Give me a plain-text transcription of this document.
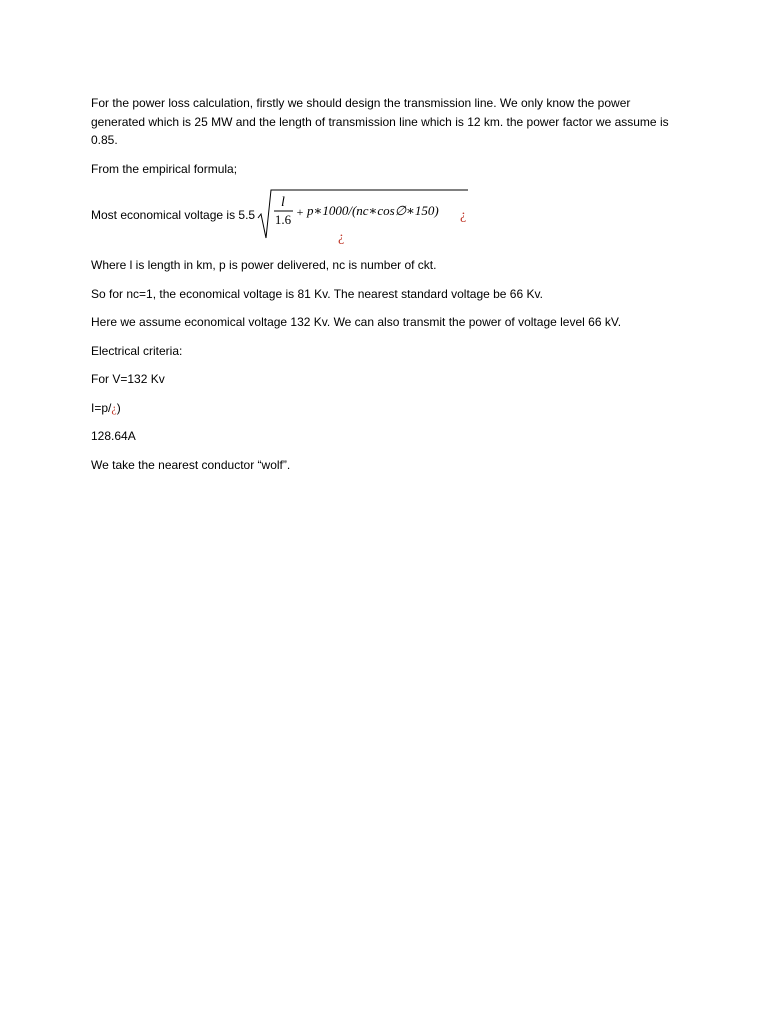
For the power loss calculation, firstly we should design the transmission line. We only know the power generated which is 25 MW and the length of transmission line which is 12 km. the power factor we assume is 0.85.

From the empirical formula;

Most economical voltage is 5.5
l
1.6 + p∗1000/(nc∗cos∅∗150) ¿
¿

Where l is length in km, p is power delivered, nc is number of ckt.

So for nc=1, the economical voltage is 81 Kv. The nearest standard voltage be 66 Kv.

Here we assume economical voltage 132 Kv. We can also transmit the power of voltage level 66 kV.

Electrical criteria:

For V=132 Kv

I=p/¿)

128.64A

We take the nearest conductor “wolf”.
